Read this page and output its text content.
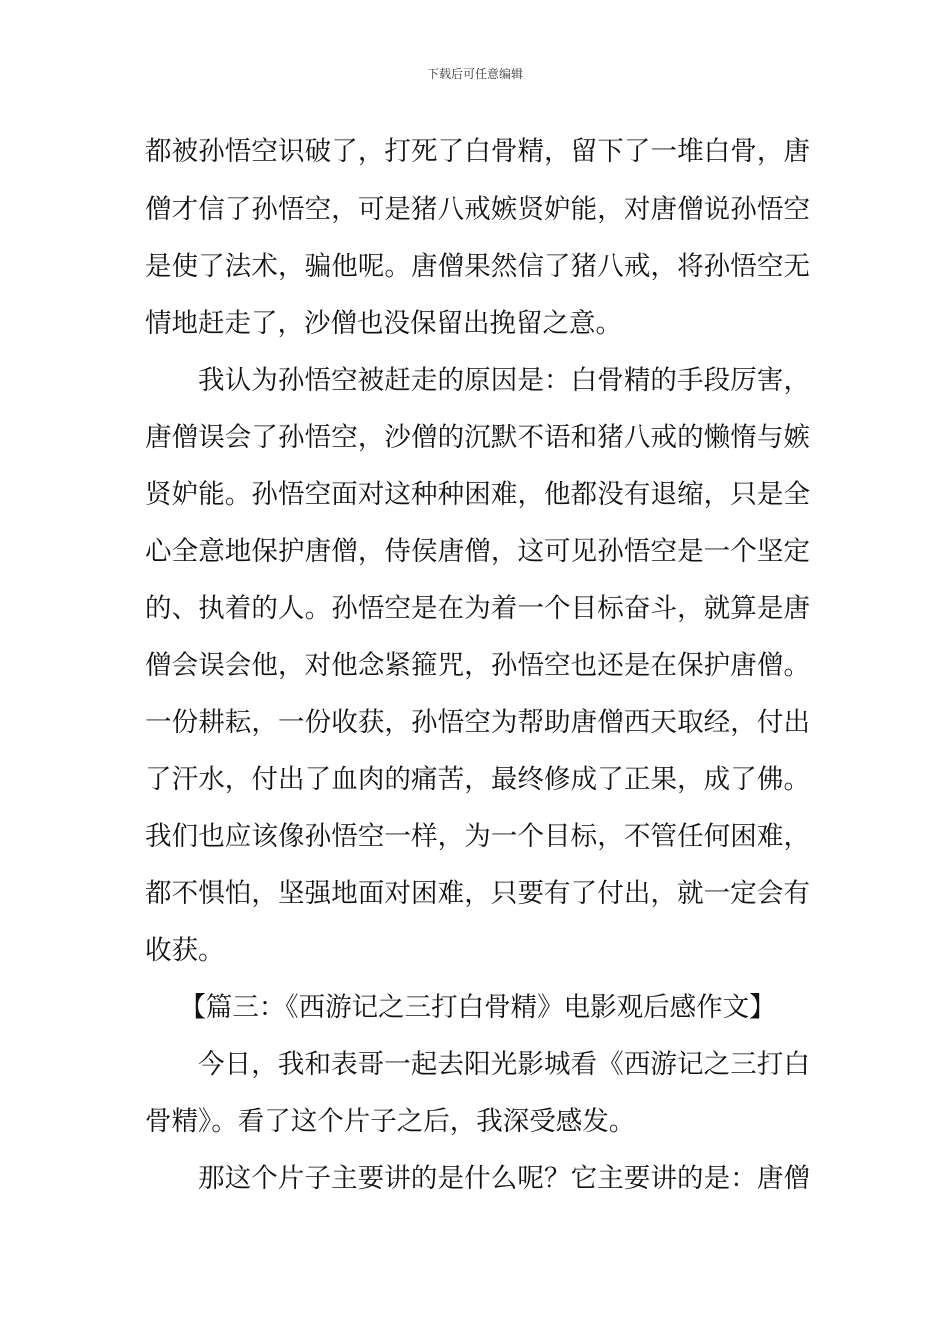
下载后可任意编辑
都被孙悟空识破了，打死了白骨精，留下了一堆白骨，唐
僧才信了孙悟空，可是猪八戒嫉贤妒能，对唐僧说孙悟空
是使了法术，骗他呢。唐僧果然信了猪八戒，将孙悟空无
情地赶走了，沙僧也没保留出挽留之意。
我认为孙悟空被赶走的原因是：白骨精的手段厉害，
唐僧误会了孙悟空，沙僧的沉默不语和猪八戒的懒惰与嫉
贤妒能。孙悟空面对这种种困难，他都没有退缩，只是全
心全意地保护唐僧，侍侯唐僧，这可见孙悟空是一个坚定
的、执着的人。孙悟空是在为着一个目标奋斗，就算是唐
僧会误会他，对他念紧箍咒，孙悟空也还是在保护唐僧。
一份耕耘，一份收获，孙悟空为帮助唐僧西天取经，付出
了汗水，付出了血肉的痛苦，最终修成了正果，成了佛。
我们也应该像孙悟空一样，为一个目标，不管任何困难，
都不惧怕，坚强地面对困难，只要有了付出，就一定会有
收获。
【篇三：《西游记之三打白骨精》电影观后感作文】
今日，我和表哥一起去阳光影城看《西游记之三打白
骨精》。看了这个片子之后，我深受感发。
那这个片子主要讲的是什么呢？它主要讲的是：唐僧
